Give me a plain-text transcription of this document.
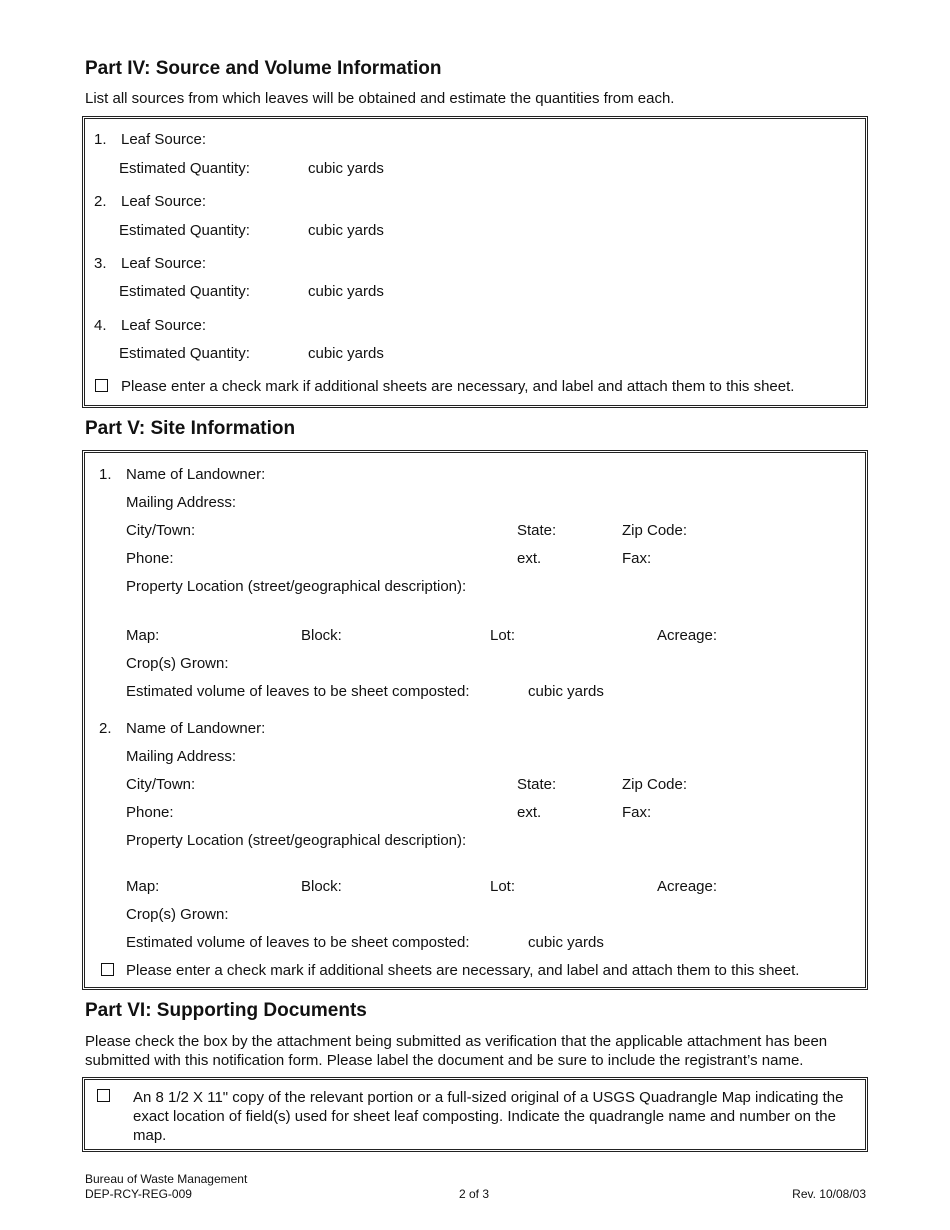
Part IV: Source and Volume Information
List all sources from which leaves will be obtained and estimate the quantities from each.
1. Leaf Source:
Estimated Quantity:	cubic yards
2. Leaf Source:
Estimated Quantity:	cubic yards
3. Leaf Source:
Estimated Quantity:	cubic yards
4. Leaf Source:
Estimated Quantity:	cubic yards
Please enter a check mark if additional sheets are necessary, and label and attach them to this sheet.
Part V: Site Information
1. Name of Landowner:
Mailing Address:
City/Town:	State:	Zip Code:
Phone:	ext.	Fax:
Property Location (street/geographical description):
Map:	Block:	Lot:	Acreage:
Crop(s) Grown:
Estimated volume of leaves to be sheet composted:	cubic yards
2. Name of Landowner:
Mailing Address:
City/Town:	State:	Zip Code:
Phone:	ext.	Fax:
Property Location (street/geographical description):
Map:	Block:	Lot:	Acreage:
Crop(s) Grown:
Estimated volume of leaves to be sheet composted:	cubic yards
Please enter a check mark if additional sheets are necessary, and label and attach them to this sheet.
Part VI: Supporting Documents
Please check the box by the attachment being submitted as verification that the applicable attachment has been submitted with this notification form. Please label the document and be sure to include the registrant’s name.
An 8 1/2 X 11" copy of the relevant portion or a full-sized original of a USGS Quadrangle Map indicating the exact location of field(s) used for sheet leaf composting. Indicate the quadrangle name and number on the map.
Bureau of Waste Management
DEP-RCY-REG-009	2 of 3	Rev. 10/08/03
